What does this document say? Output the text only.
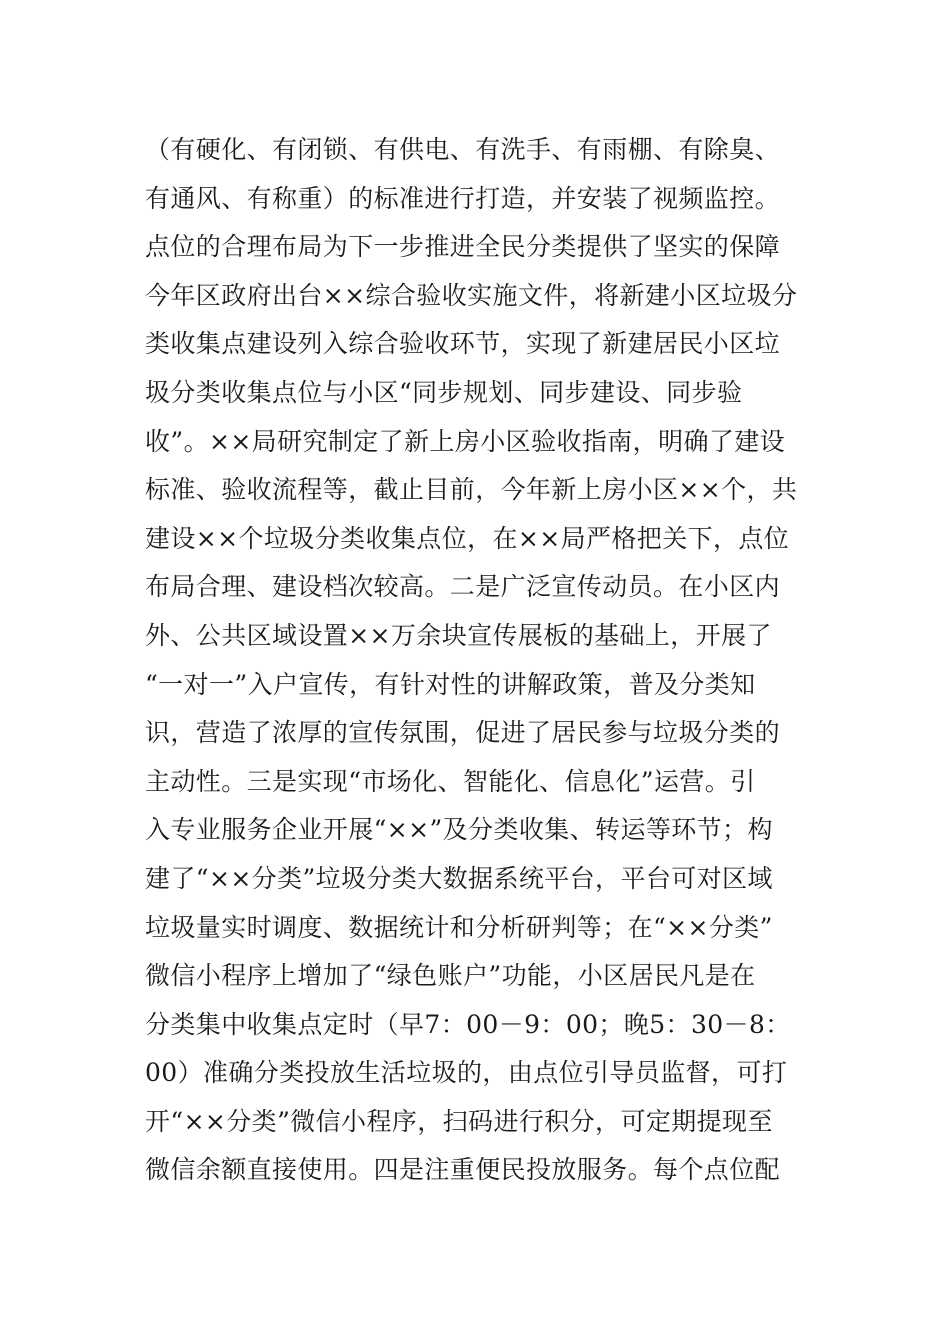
（有硬化、有闭锁、有供电、有洗手、有雨棚、有除臭、
有通风、有称重）的标准进行打造，并安装了视频监控。
点位的合理布局为下一步推进全民分类提供了坚实的保障
今年区政府出台××综合验收实施文件，将新建小区垃圾分
类收集点建设列入综合验收环节，实现了新建居民小区垃
圾分类收集点位与小区“同步规划、同步建设、同步验
收”。××局研究制定了新上房小区验收指南，明确了建设
标准、验收流程等，截止目前，今年新上房小区××个，共
建设××个垃圾分类收集点位，在××局严格把关下，点位
布局合理、建设档次较高。二是广泛宣传动员。在小区内
外、公共区域设置××万余块宣传展板的基础上，开展了
“一对一”入户宣传，有针对性的讲解政策，普及分类知
识，营造了浓厚的宣传氛围，促进了居民参与垃圾分类的
主动性。三是实现“市场化、智能化、信息化”运营。引
入专业服务企业开展“××”及分类收集、转运等环节；构
建了“××分类”垃圾分类大数据系统平台，平台可对区域
垃圾量实时调度、数据统计和分析研判等；在“××分类”
微信小程序上增加了“绿色账户”功能，小区居民凡是在
分类集中收集点定时（早7：00－9：00；晚5：30－8：
00）准确分类投放生活垃圾的，由点位引导员监督，可打
开“××分类”微信小程序，扫码进行积分，可定期提现至
微信余额直接使用。四是注重便民投放服务。每个点位配
